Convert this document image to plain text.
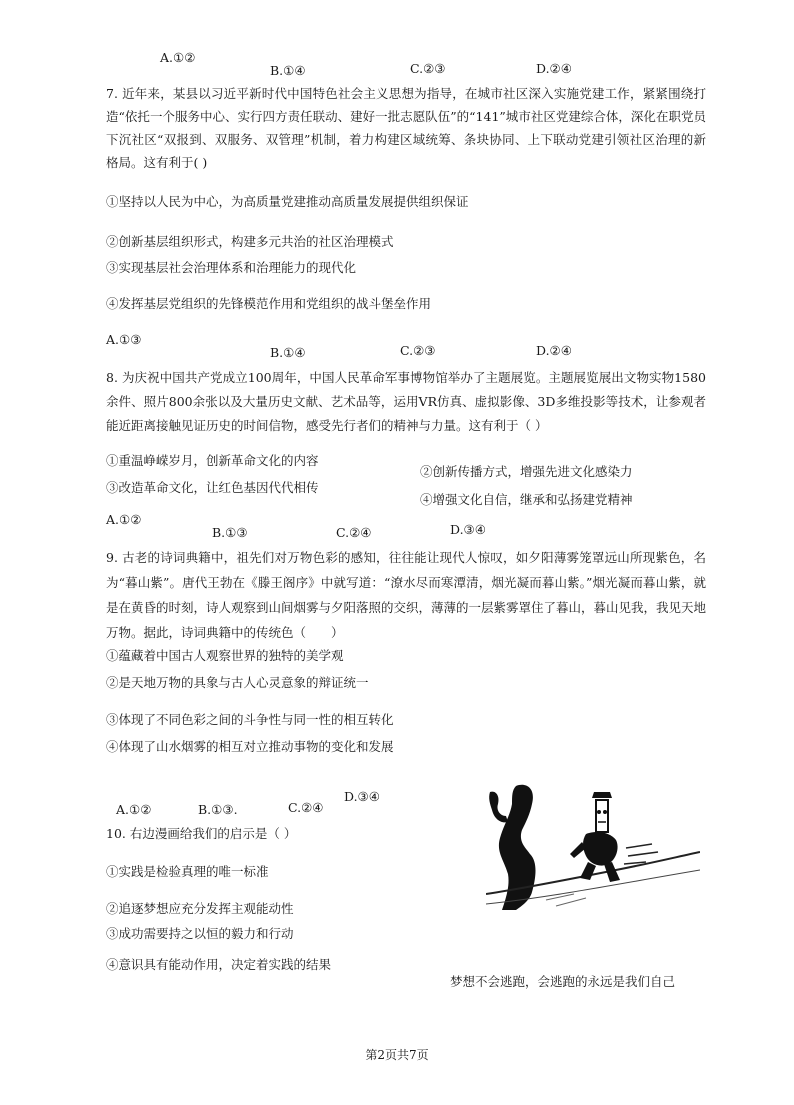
A.①②
B.①④	C.②③	D.②④
7. 近年来，某县以习近平新时代中国特色社会主义思想为指导，在城市社区深入实施党建工作，紧紧围绕打造“依托一个服务中心、实行四方责任联动、建好一批志愿队伍”的“141”城市社区党建综合体，深化在职党员下沉社区“双报到、双服务、双管理”机制，着力构建区域统筹、条块协同、上下联动党建引领社区治理的新格局。这有利于( )
①坚持以人民为中心，为高质量党建推动高质量发展提供组织保证
②创新基层组织形式，构建多元共治的社区治理模式
③实现基层社会治理体系和治理能力的现代化
④发挥基层党组织的先锋模范作用和党组织的战斗堡垒作用
A.①③
B.①④	C.②③	D.②④
8. 为庆祝中国共产党成立100周年，中国人民革命军事博物馆举办了主题展览。主题展览展出文物实物1580余件、照片800余张以及大量历史文献、艺术品等，运用VR仿真、虚拟影像、3D多维投影等技术，让参观者能近距离接触见证历史的时间信物，感受先行者们的精神与力量。这有利于（ ）
①重温峥嵘岁月，创新革命文化的内容
②创新传播方式，增强先进文化感染力
③改造革命文化，让红色基因代代相传
④增强文化自信，继承和弘扬建党精神
A.①②
B.①③	C.②④	D.③④
9. 古老的诗词典籍中，祖先们对万物色彩的感知，往往能让现代人惊叹，如夕阳薄雾笼罩远山所现紫色，名为“暮山紫”。唐代王勃在《滕王阁序》中就写道：“潦水尽而寒潭清，烟光凝而暮山紫。”烟光凝而暮山紫，就是在黄昏的时刻，诗人观察到山间烟雾与夕阳落照的交织，薄薄的一层紫雾罩住了暮山，暮山见我，我见天地万物。据此，诗词典籍中的传统色（　　）
①蕴藏着中国古人观察世界的独特的美学观
②是天地万物的具象与古人心灵意象的辩证统一
③体现了不同色彩之间的斗争性与同一性的相互转化
④体现了山水烟雾的相互对立推动事物的变化和发展
A.①②	B.①③.	C.②④
D.③④
10. 右边漫画给我们的启示是（ ）
①实践是检验真理的唯一标准
②追逐梦想应充分发挥主观能动性
③成功需要持之以恒的毅力和行动
④意识具有能动作用，决定着实践的结果
梦想不会逃跑，会逃跑的永远是我们自己
第2页共7页
